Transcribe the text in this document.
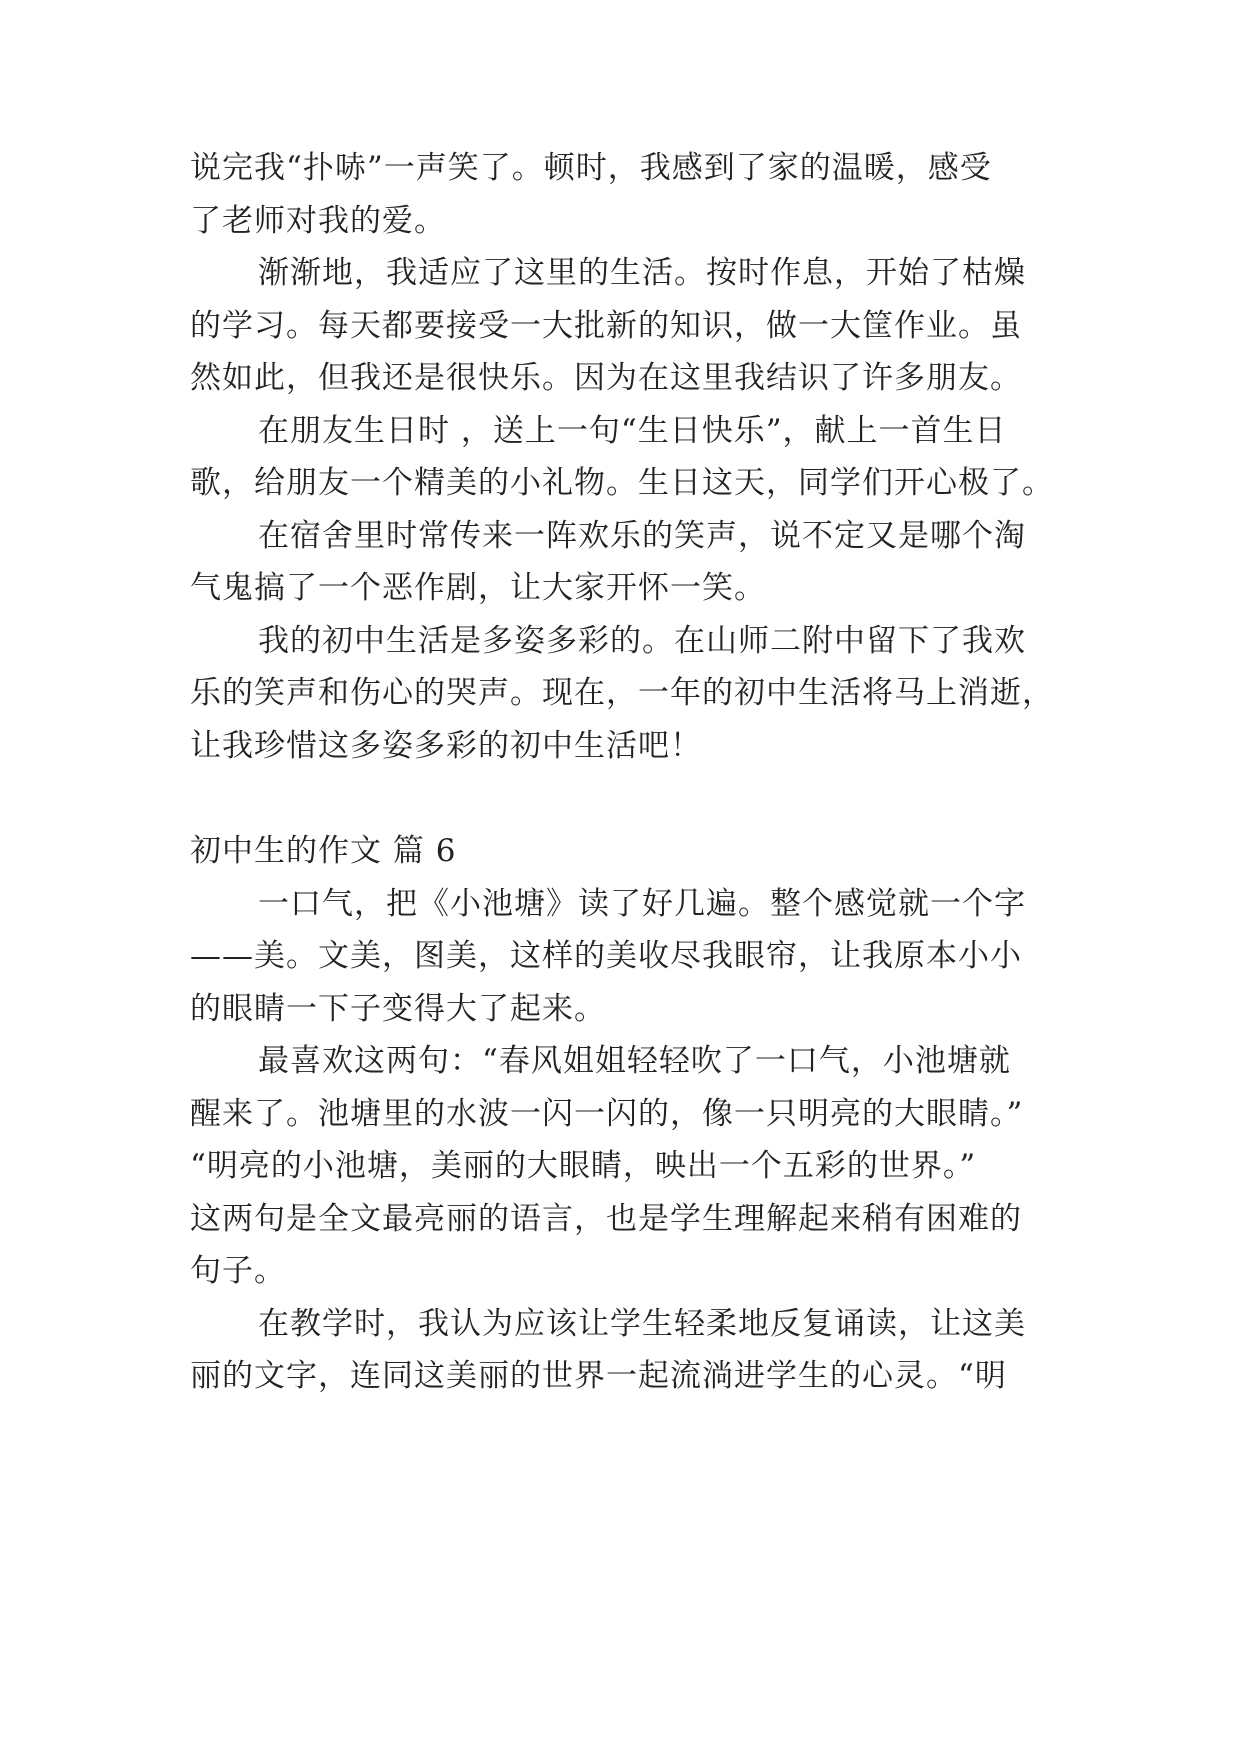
说完我“扑哧”一声笑了。顿时，我感到了家的温暖，感受
了老师对我的爱。
渐渐地，我适应了这里的生活。按时作息，开始了枯燥
的学习。每天都要接受一大批新的知识，做一大筐作业。虽
然如此，但我还是很快乐。因为在这里我结识了许多朋友。
在朋友生日时 ，送上一句“生日快乐”，献上一首生日
歌，给朋友一个精美的小礼物。生日这天，同学们开心极了。
在宿舍里时常传来一阵欢乐的笑声，说不定又是哪个淘
气鬼搞了一个恶作剧，让大家开怀一笑。
我的初中生活是多姿多彩的。在山师二附中留下了我欢
乐的笑声和伤心的哭声。现在，一年的初中生活将马上消逝，
让我珍惜这多姿多彩的初中生活吧！
初中生的作文 篇 6
一口气，把《小池塘》读了好几遍。整个感觉就一个字
——美。文美，图美，这样的美收尽我眼帘，让我原本小小
的眼睛一下子变得大了起来。
最喜欢这两句：“春风姐姐轻轻吹了一口气，小池塘就
醒来了。池塘里的水波一闪一闪的，像一只明亮的大眼睛。”
“明亮的小池塘，美丽的大眼睛，映出一个五彩的世界。”
这两句是全文最亮丽的语言，也是学生理解起来稍有困难的
句子。
在教学时，我认为应该让学生轻柔地反复诵读，让这美
丽的文字，连同这美丽的世界一起流淌进学生的心灵。“明
